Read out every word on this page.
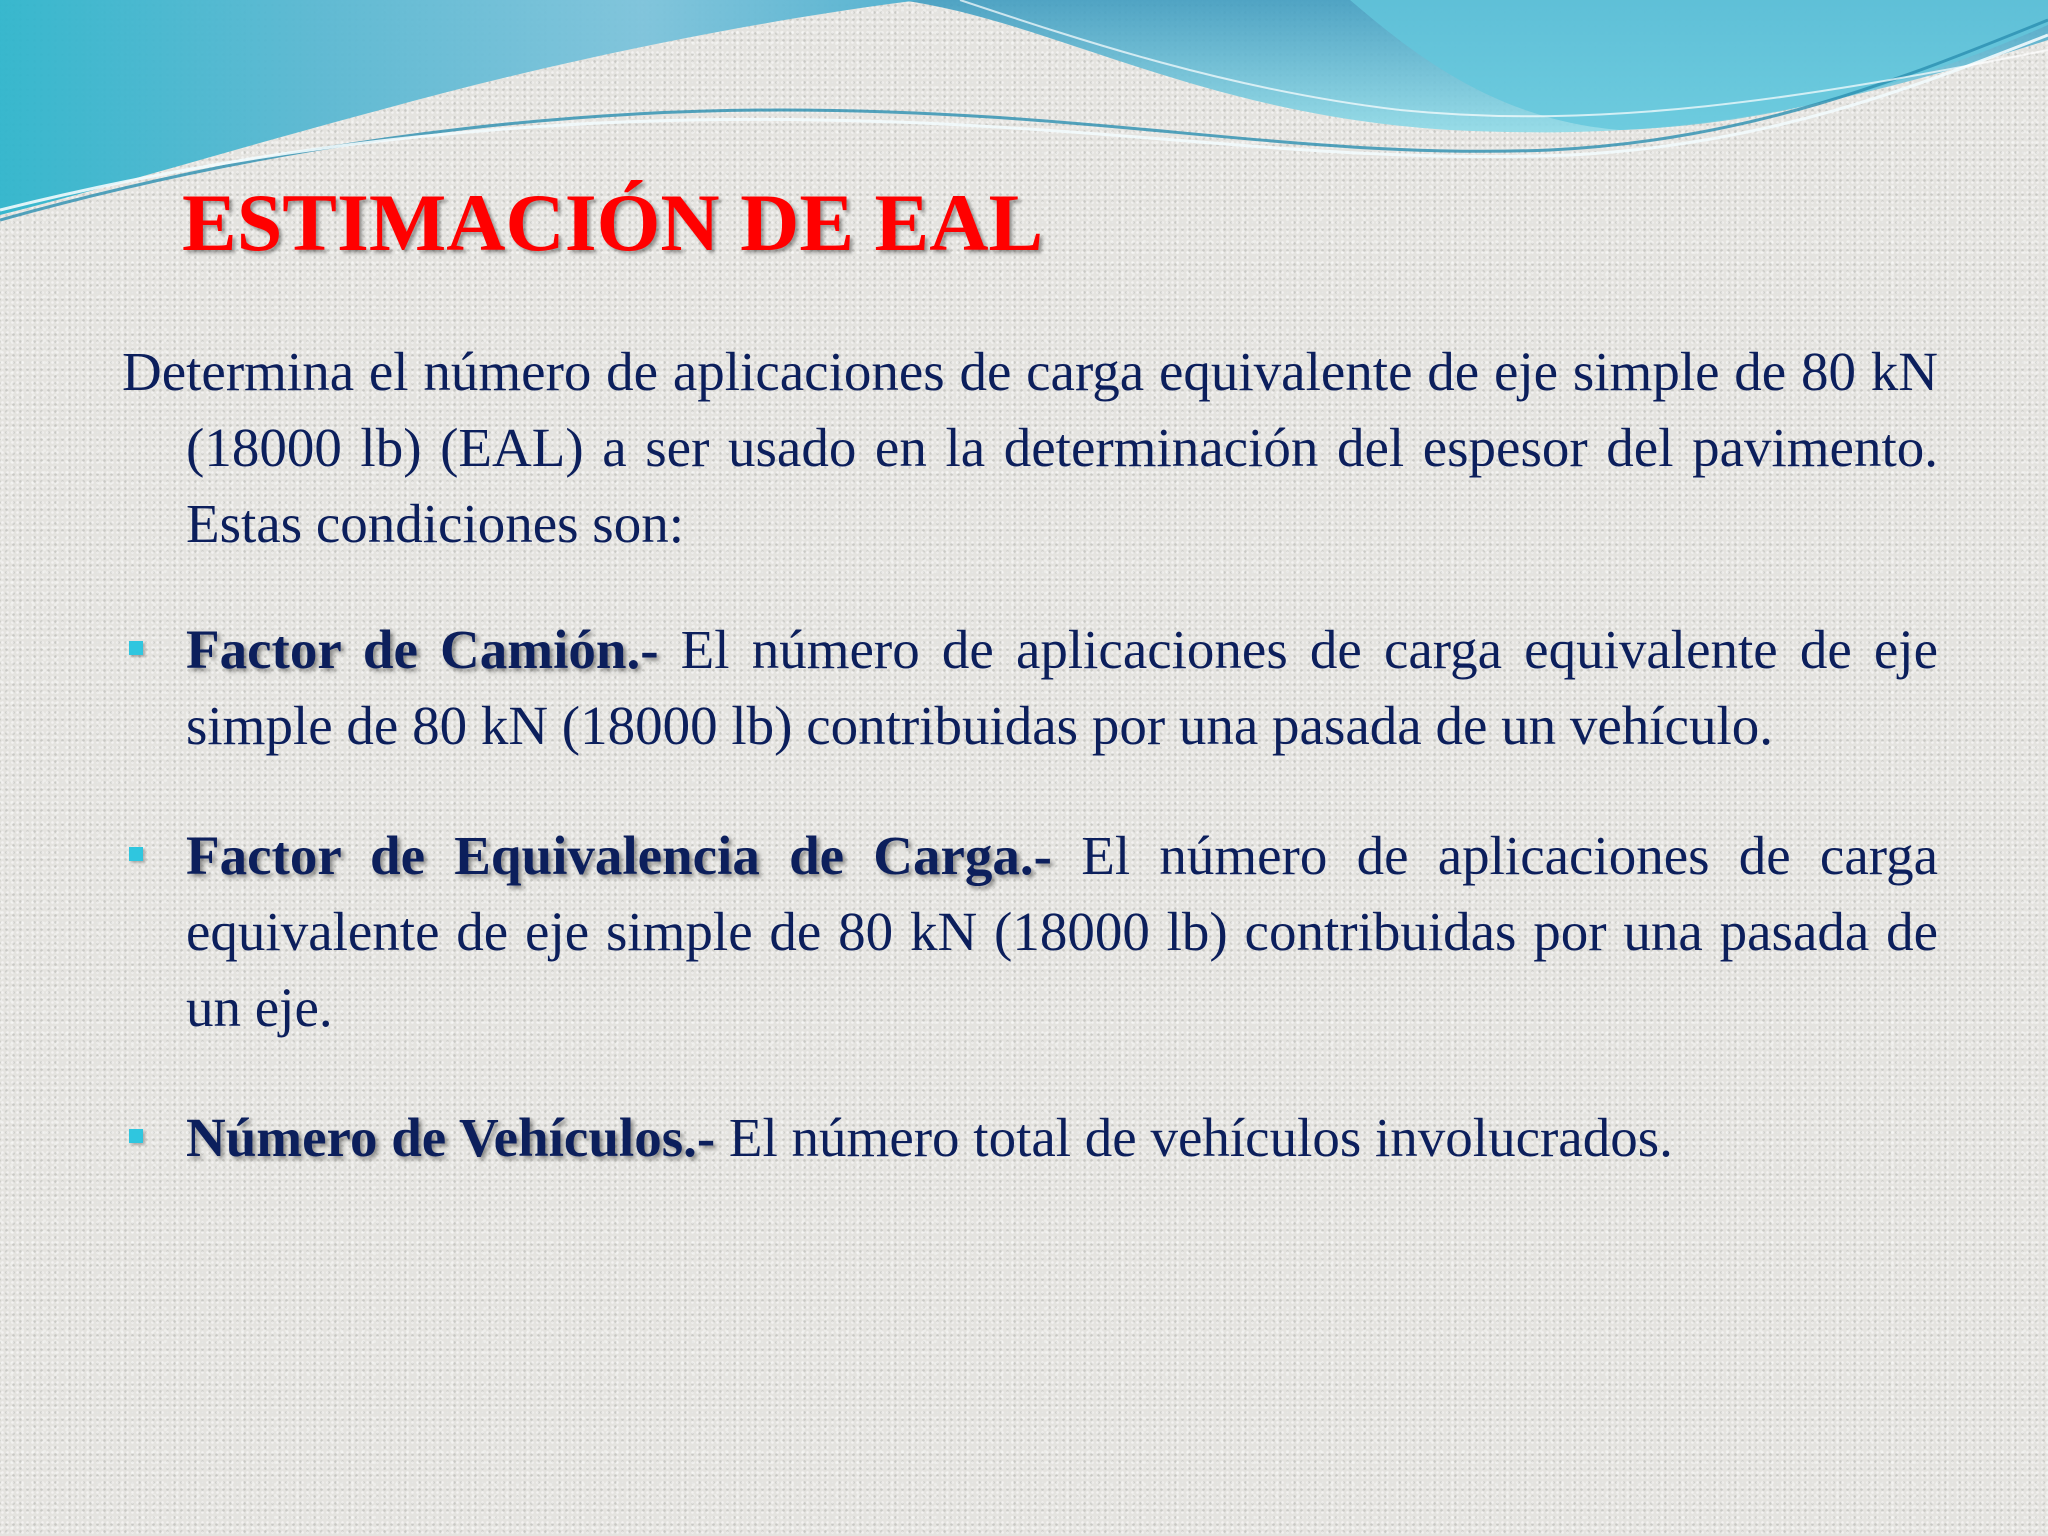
ESTIMACIÓN DE EAL

Determina el número de aplicaciones de carga equivalente de eje simple de 80 kN (18000 lb) (EAL) a ser usado en la determinación del espesor del pavimento. Estas condiciones son:

Factor de Camión.- El número de aplicaciones de carga equivalente de eje simple de 80 kN (18000 lb) contribuidas por una pasada de un vehículo.

Factor de Equivalencia de Carga.- El número de aplicaciones de carga equivalente de eje simple de 80 kN (18000 lb) contribuidas por una pasada de un eje.

Número de Vehículos.- El número total de vehículos involucrados.
